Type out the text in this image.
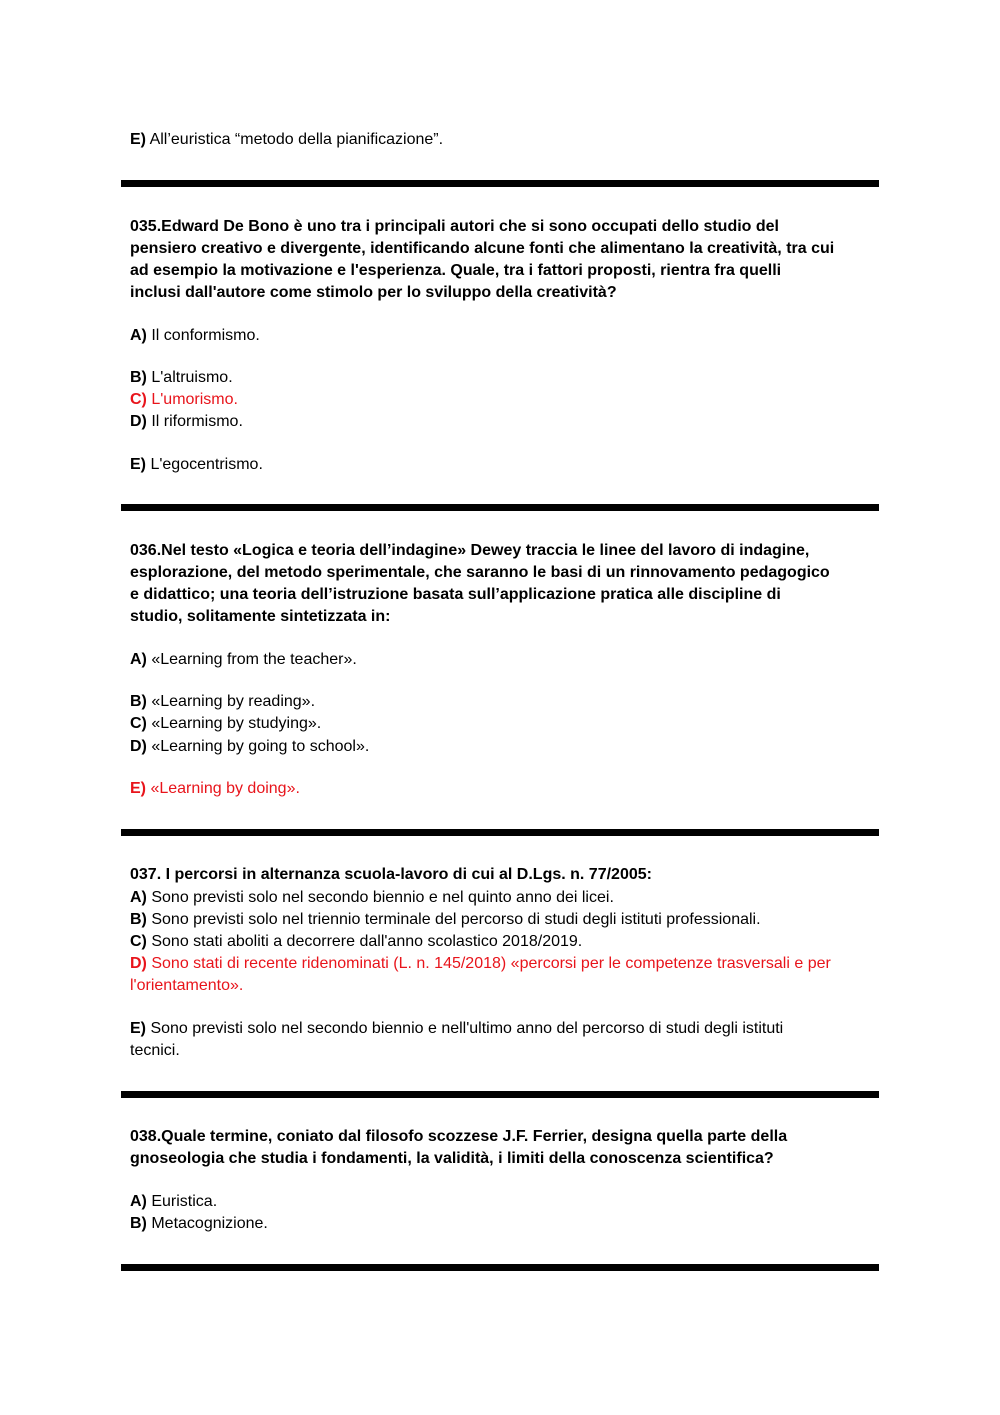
E) All’euristica “metodo della pianificazione”.
035.Edward De Bono è uno tra i principali autori che si sono occupati dello studio del
pensiero creativo e divergente, identificando alcune fonti che alimentano la creatività, tra cui
ad esempio la motivazione e l'esperienza. Quale, tra i fattori proposti, rientra fra quelli
inclusi dall'autore come stimolo per lo sviluppo della creatività?
A) Il conformismo.
B) L'altruismo.
C) L'umorismo.
D) Il riformismo.
E) L'egocentrismo.
036.Nel testo «Logica e teoria dell’indagine» Dewey traccia le linee del lavoro di indagine,
esplorazione, del metodo sperimentale, che saranno le basi di un rinnovamento pedagogico
e didattico; una teoria dell’istruzione basata sull’applicazione pratica alle discipline di
studio, solitamente sintetizzata in:
A) «Learning from the teacher».
B) «Learning by reading».
C) «Learning by studying».
D) «Learning by going to school».
E) «Learning by doing».
037. I percorsi in alternanza scuola-lavoro di cui al D.Lgs. n. 77/2005:
A) Sono previsti solo nel secondo biennio e nel quinto anno dei licei.
B) Sono previsti solo nel triennio terminale del percorso di studi degli istituti professionali.
C) Sono stati aboliti a decorrere dall'anno scolastico 2018/2019.
D) Sono stati di recente ridenominati (L. n. 145/2018) «percorsi per le competenze trasversali e per
l'orientamento».
E) Sono previsti solo nel secondo biennio e nell'ultimo anno del percorso di studi degli istituti
tecnici.
038.Quale termine, coniato dal filosofo scozzese J.F. Ferrier, designa quella parte della
gnoseologia che studia i fondamenti, la validità, i limiti della conoscenza scientifica?
A) Euristica.
B) Metacognizione.
